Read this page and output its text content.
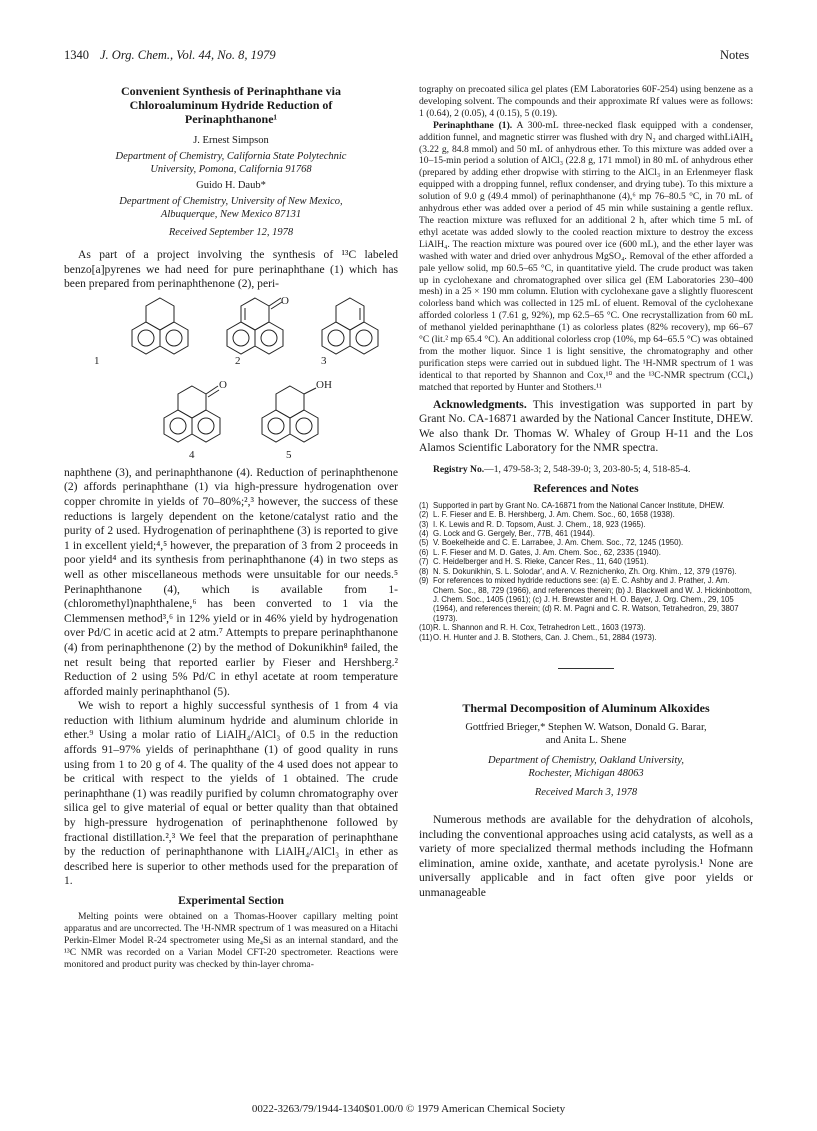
1340 J. Org. Chem., Vol. 44, No. 8, 1979	Notes
Convenient Synthesis of Perinaphthane via
Chloroaluminum Hydride Reduction of
Perinaphthanone¹
J. Ernest Simpson
Department of Chemistry, California State Polytechnic
University, Pomona, California 91768
Guido H. Daub*
Department of Chemistry, University of New Mexico,
Albuquerque, New Mexico 87131
Received September 12, 1978

As part of a project involving the synthesis of ¹³C labeled benzo[a]pyrenes we had need for pure perinaphthane (1) which has been prepared from perinaphthenone (2), peri-

1	2	3
O
O	OH
4	5

naphthene (3), and perinaphthanone (4). Reduction of perinaphthenone (2) affords perinaphthane (1) via high-pressure hydrogenation over copper chromite in yields of 70–80%;²,³ however, the success of these reductions is largely dependent on the ketone/catalyst ratio and the purity of 2 used. Hydrogenation of perinaphthene (3) is reported to give 1 in excellent yield;⁴,⁵ however, the preparation of 3 from 2 proceeds in poor yield⁴ and its synthesis from perinaphthanone (4) in two steps as well as other miscellaneous methods were unsuitable for our needs.⁵ Perinaphthanone (4), which is available from 1-(chloromethyl)naphthalene,⁶ has been converted to 1 via the Clemmensen method³,⁶ in 12% yield or in 46% yield by hydrogenation over Pd/C in acetic acid at 2 atm.⁷ Attempts to prepare perinaphthanone (4) from perinaphthenone (2) by the method of Dokunikhin⁸ failed, the net result being that reported earlier by Fieser and Hershberg.² Reduction of 2 using 5% Pd/C in ethyl acetate at room temperature afforded mainly perinaphthanol (5).

We wish to report a highly successful synthesis of 1 from 4 via reduction with lithium aluminum hydride and aluminum chloride in ether.⁹ Using a molar ratio of LiAlH₄/AlCl₃ of 0.5 in the reduction affords 91–97% yields of perinaphthane (1) of good quality in runs using from 1 to 20 g of 4. The quality of the 4 used does not appear to be critical with respect to the yields of 1 obtained. The crude perinaphthane (1) was readily purified by column chromatography over silica gel to give material of equal or better quality than that obtained by high-pressure hydrogenation of perinaphthenone followed by fractional distillation.²,³ We feel that the preparation of perinaphthane by the reduction of perinaphthanone with LiAlH₄/AlCl₃ in ether as described here is superior to other methods used for the preparation of 1.

Experimental Section

Melting points were obtained on a Thomas-Hoover capillary melting point apparatus and are uncorrected. The ¹H-NMR spectrum of 1 was measured on a Hitachi Perkin-Elmer Model R-24 spectrometer using Me₄Si as an internal standard, and the ¹³C NMR was recorded on a Varian Model CFT-20 spectrometer. Reactions were monitored and product purity was checked by thin-layer chroma-

tography on precoated silica gel plates (EM Laboratories 60F-254) using benzene as a developing solvent. The compounds and their approximate Rf values were as follows: 1 (0.64), 2 (0.05), 4 (0.15), 5 (0.19).

Perinaphthane (1). A 300-mL three-necked flask equipped with a condenser, addition funnel, and magnetic stirrer was flushed with dry N₂ and charged withLiAlH₄ (3.22 g, 84.8 mmol) and 50 mL of anhydrous ether. To this mixture was added over a 10–15-min period a solution of AlCl₃ (22.8 g, 171 mmol) in 80 mL of anhydrous ether (prepared by adding ether dropwise with stirring to the AlCl₃ in an Erlenmeyer flask equipped with a dropping funnel, reflux condenser, and drying tube). To this mixture a solution of 9.0 g (49.4 mmol) of perinaphthanone (4),⁶ mp 76–80.5 °C, in 70 mL of anhydrous ether was added over a period of 45 min while sustaining a gentle reflux. The reaction mixture was refluxed for an additional 2 h, after which time 5 mL of ethyl acetate was added slowly to the cooled reaction mixture to destroy the excess LiAlH₄. The reaction mixture was poured over ice (600 mL), and the ether layer was washed with water and dried over anhydrous MgSO₄. Removal of the ether afforded a pale yellow solid, mp 60.5–65 °C, in quantitative yield. The crude product was taken up in cyclohexane and chromatographed over silica gel (EM Laboratories 230–400 mesh) in a 25 × 190 mm column. Elution with cyclohexane gave a slightly fluorescent colorless band which was collected in 125 mL of eluent. Removal of the cyclohexane afforded colorless 1 (7.61 g, 92%), mp 62.5–65 °C. One recrystallization from 60 mL of methanol yielded perinaphthane (1) as colorless plates (82% recovery), mp 66–67 °C (lit.² mp 65.4 °C). An additional colorless crop (10%, mp 64–65.5 °C) was obtained from the mother liquor. Since 1 is light sensitive, the chromatography and other purification steps were carried out in subdued light. The ¹H-NMR spectrum of 1 was identical to that reported by Shannon and Cox,¹⁰ and the ¹³C-NMR spectrum (CCl₄) matched that reported by Hunter and Stothers.¹¹

Acknowledgments. This investigation was supported in part by Grant No. CA-16871 awarded by the National Cancer Institute, DHEW. We also thank Dr. Thomas W. Whaley of Group H-11 and the Los Alamos Scientific Laboratory for the NMR spectra.

Registry No.—1, 479-58-3; 2, 548-39-0; 3, 203-80-5; 4, 518-85-4.

References and Notes
(1) Supported in part by Grant No. CA-16871 from the National Cancer Institute, DHEW.
(2) L. F. Fieser and E. B. Hershberg, J. Am. Chem. Soc., 60, 1658 (1938).
(3) I. K. Lewis and R. D. Topsom, Aust. J. Chem., 18, 923 (1965).
(4) G. Lock and G. Gergely, Ber., 77B, 461 (1944).
(5) V. Boekelheide and C. E. Larrabee, J. Am. Chem. Soc., 72, 1245 (1950).
(6) L. F. Fieser and M. D. Gates, J. Am. Chem. Soc., 62, 2335 (1940).
(7) C. Heidelberger and H. S. Rieke, Cancer Res., 11, 640 (1951).
(8) N. S. Dokunikhin, S. L. Solodar', and A. V. Reznichenko, Zh. Org. Khim., 12, 379 (1976).
(9) For references to mixed hydride reductions see: (a) E. C. Ashby and J. Prather, J. Am. Chem. Soc., 88, 729 (1966), and references therein; (b) J. Blackwell and W. J. Hickinbottom, J. Chem. Soc., 1405 (1961); (c) J. H. Brewster and H. O. Bayer, J. Org. Chem., 29, 105 (1964), and references therein; (d) R. M. Pagni and C. R. Watson, Tetrahedron, 29, 3807 (1973).
(10) R. L. Shannon and R. H. Cox, Tetrahedron Lett., 1603 (1973).
(11) O. H. Hunter and J. B. Stothers, Can. J. Chem., 51, 2884 (1973).
Thermal Decomposition of Aluminum Alkoxides
Gottfried Brieger,* Stephen W. Watson, Donald G. Barar,
and Anita L. Shene
Department of Chemistry, Oakland University,
Rochester, Michigan 48063
Received March 3, 1978

Numerous methods are available for the dehydration of alcohols, including the conventional approaches using acid catalysts, as well as a variety of more specialized thermal methods including the Hofmann elimination, amine oxide, xanthate, and acetate pyrolysis.¹ None are universally applicable and in fact often give poor yields or unmanageable

0022-3263/79/1944-1340$01.00/0 © 1979 American Chemical Society
